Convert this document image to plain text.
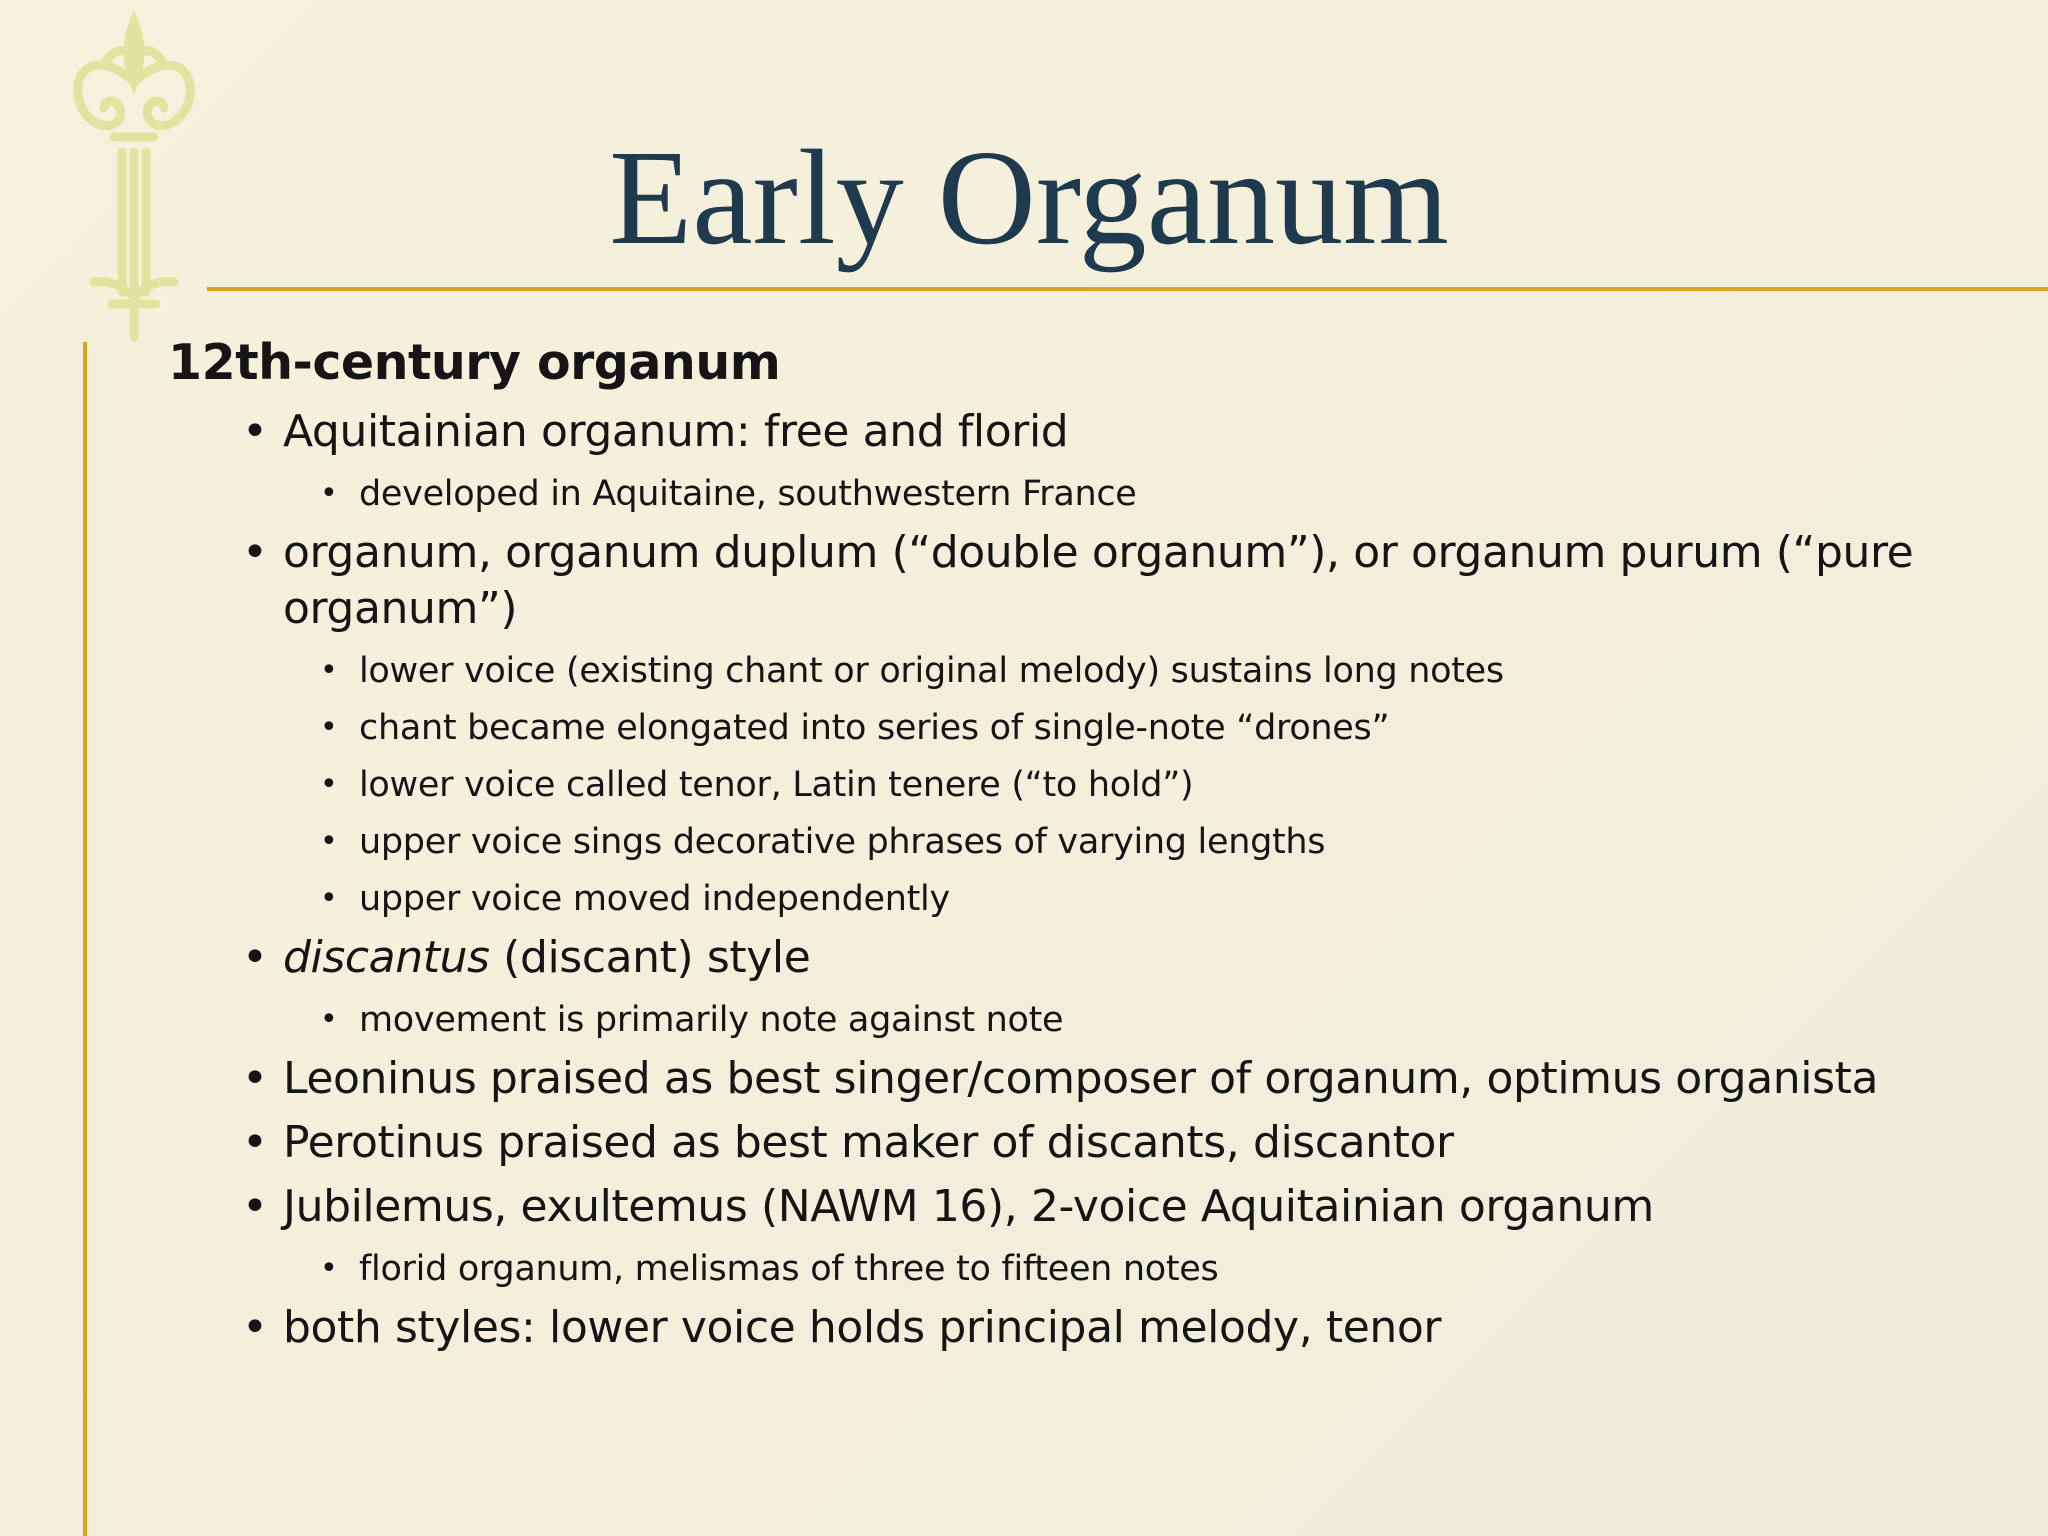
Early Organum
12th-century organum
• Aquitainian organum: free and florid
• developed in Aquitaine, southwestern France
• organum, organum duplum (“double organum”), or organum purum (“pure organum”)
• lower voice (existing chant or original melody) sustains long notes
• chant became elongated into series of single-note “drones”
• lower voice called tenor, Latin tenere (“to hold”)
• upper voice sings decorative phrases of varying lengths
• upper voice moved independently
• discantus (discant) style
• movement is primarily note against note
• Leoninus praised as best singer/composer of organum, optimus organista
• Perotinus praised as best maker of discants, discantor
• Jubilemus, exultemus (NAWM 16), 2-voice Aquitainian organum
• florid organum, melismas of three to fifteen notes
• both styles: lower voice holds principal melody, tenor
